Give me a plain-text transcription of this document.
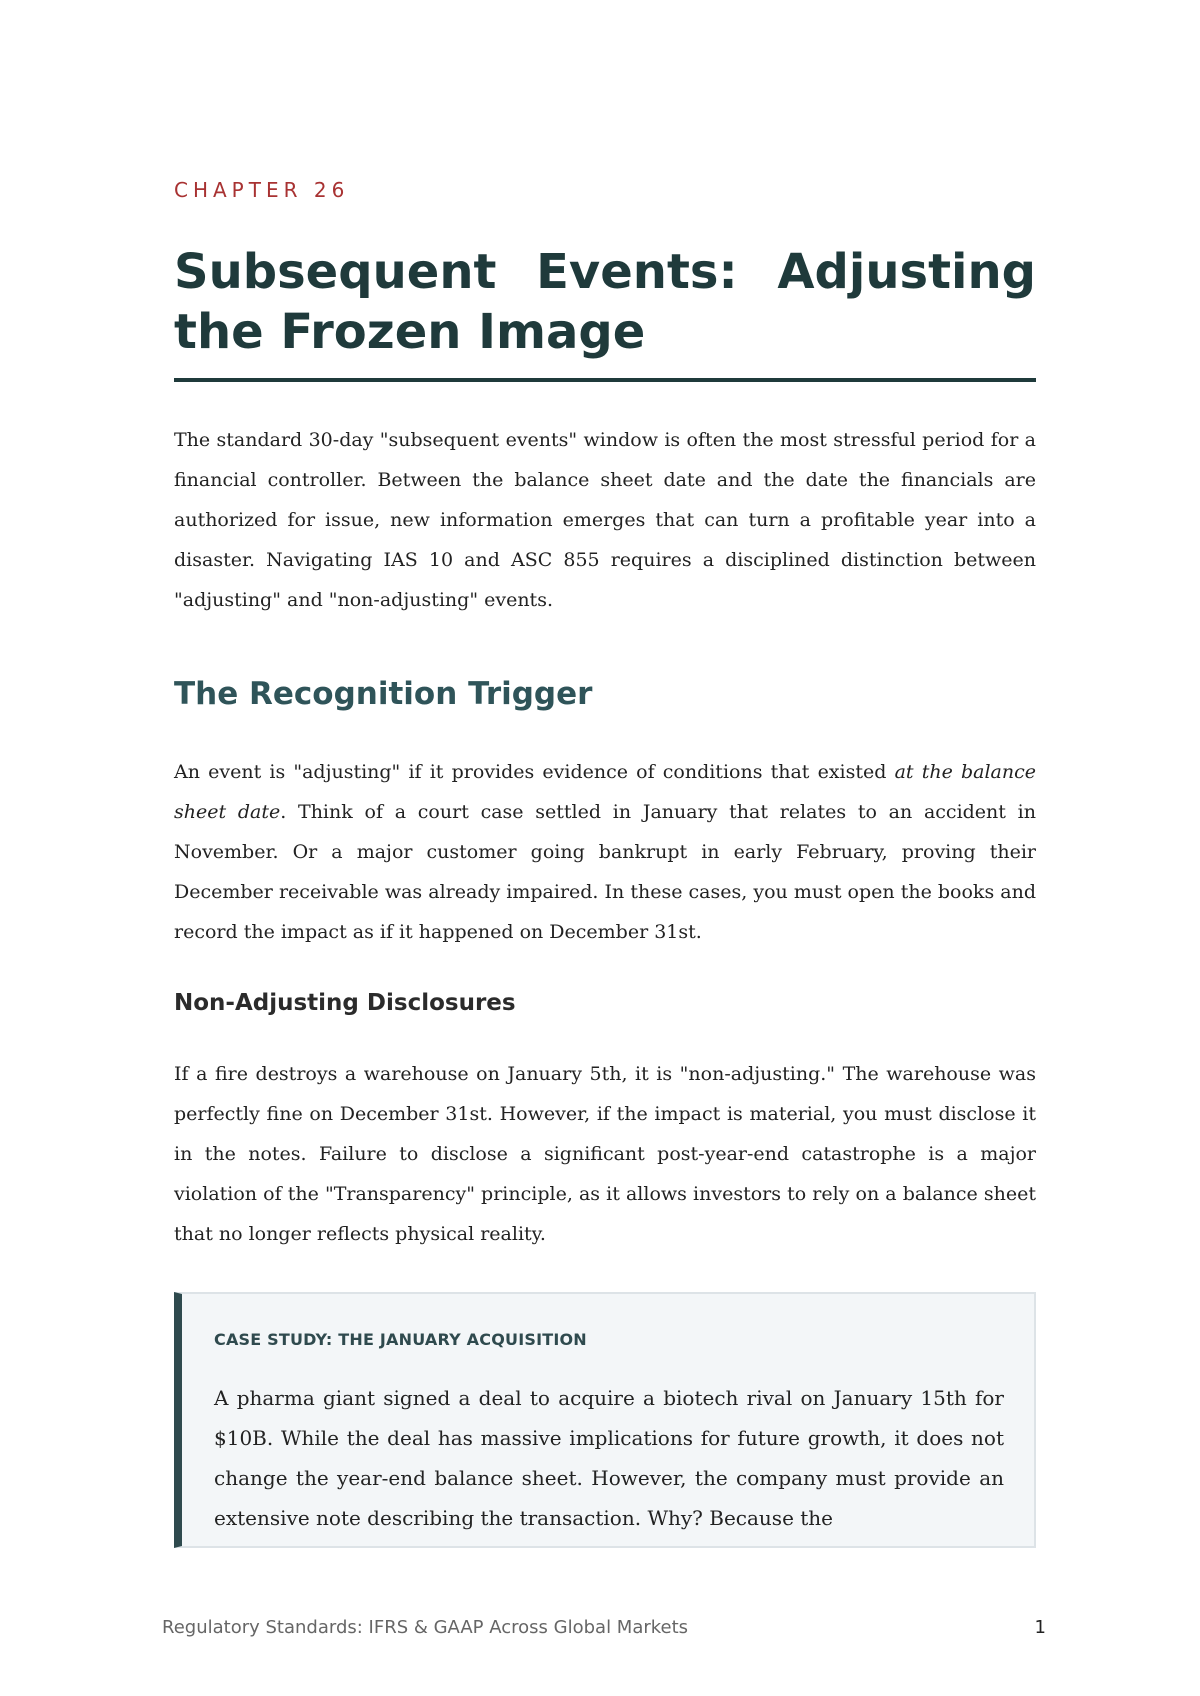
CHAPTER 26
Subsequent Events: Adjusting the Frozen Image

The standard 30-day "subsequent events" window is often the most stressful period for a financial controller. Between the balance sheet date and the date the financials are authorized for issue, new information emerges that can turn a profitable year into a disaster. Navigating IAS 10 and ASC 855 requires a disciplined distinction between "adjusting" and "non-adjusting" events.

The Recognition Trigger

An event is "adjusting" if it provides evidence of conditions that existed at the balance sheet date. Think of a court case settled in January that relates to an accident in November. Or a major customer going bankrupt in early February, proving their December receivable was already impaired. In these cases, you must open the books and record the impact as if it happened on December 31st.

Non-Adjusting Disclosures

If a fire destroys a warehouse on January 5th, it is "non-adjusting." The warehouse was perfectly fine on December 31st. However, if the impact is material, you must disclose it in the notes. Failure to disclose a significant post-year-end catastrophe is a major violation of the "Transparency" principle, as it allows investors to rely on a balance sheet that no longer reflects physical reality.

CASE STUDY: THE JANUARY ACQUISITION

A pharma giant signed a deal to acquire a biotech rival on January 15th for $10B. While the deal has massive implications for future growth, it does not change the year-end balance sheet. However, the company must provide an extensive note describing the transaction. Why? Because the

Regulatory Standards: IFRS & GAAP Across Global Markets	1
